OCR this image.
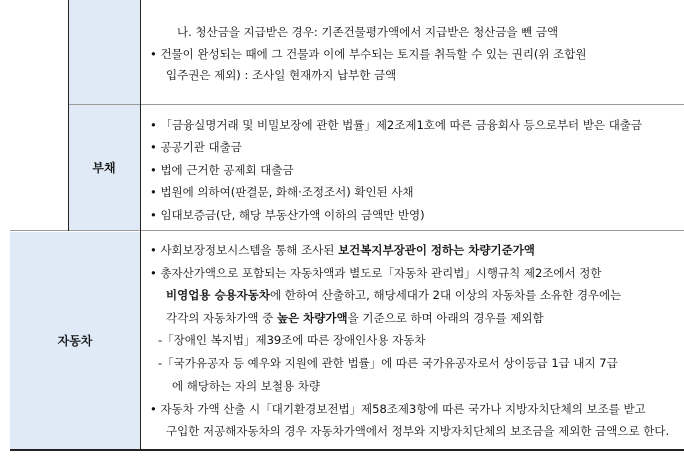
부채
자동차
나. 청산금을 지급받은 경우: 기존건물평가액에서 지급받은 청산금을 뺀 금액
• 건물이 완성되는 때에 그 건물과 이에 부수되는 토지를 취득할 수 있는 권리(위 조합원
입주권은 제외) : 조사일 현재까지 납부한 금액
• 「금융실명거래 및 비밀보장에 관한 법률」제2조제1호에 따른 금융회사 등으로부터 받은 대출금
• 공공기관 대출금
• 법에 근거한 공제회 대출금
• 법원에 의하여(판결문, 화해·조정조서) 확인된 사채
• 임대보증금(단, 해당 부동산가액 이하의 금액만 반영)
• 사회보장정보시스템을 통해 조사된 보건복지부장관이 정하는 차량기준가액
• 총자산가액으로 포함되는 자동차액과 별도로「자동차 관리법」시행규칙 제2조에서 정한
비영업용 승용자동차에 한하여 산출하고, 해당세대가 2대 이상의 자동차를 소유한 경우에는
각각의 자동차가액 중 높은 차량가액을 기준으로 하며 아래의 경우를 제외함
-「장애인 복지법」제39조에 따른 장애인사용 자동차
-「국가유공자 등 예우와 지원에 관한 법률」에 따른 국가유공자로서 상이등급 1급 내지 7급
에 해당하는 자의 보철용 차량
• 자동차 가액 산출 시「대기환경보전법」제58조제3항에 따른 국가나 지방자치단체의 보조를 받고
구입한 저공해자동차의 경우 자동차가액에서 정부와 지방자치단체의 보조금을 제외한 금액으로 한다.
